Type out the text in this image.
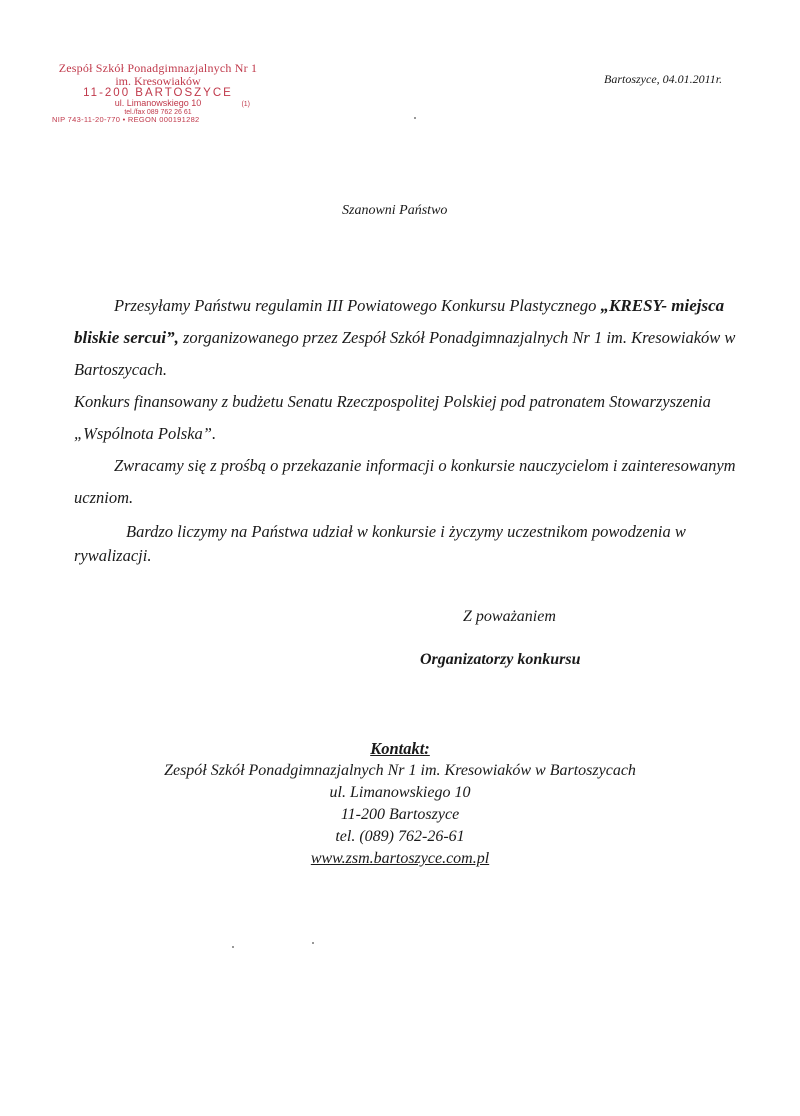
Zespół Szkół Ponadgimnazjalnych Nr 1
im. Kresowiaków
11-200 BARTOSZYCE
ul. Limanowskiego 10	(1)
tel./fax 089 762 26 61
NIP 743-11-20-770 • REGON 000191282
Bartoszyce, 04.01.2011r.
Szanowni Państwo

Przesyłamy Państwu regulamin III Powiatowego Konkursu Plastycznego „KRESY- miejsca bliskie sercui”, zorganizowanego przez Zespół Szkół Ponadgimnazjalnych Nr 1 im. Kresowiaków w Bartoszycach.

Konkurs finansowany z budżetu Senatu Rzeczpospolitej Polskiej pod patronatem Stowarzyszenia „Wspólnota Polska”.

Zwracamy się z prośbą o przekazanie informacji o konkursie nauczycielom i zainteresowanym uczniom.

Bardzo liczymy na Państwa udział w konkursie i życzymy uczestnikom powodzenia w rywalizacji.

Z poważaniem
Organizatorzy konkursu
Kontakt:
Zespół Szkół Ponadgimnazjalnych Nr 1 im. Kresowiaków w Bartoszycach
ul. Limanowskiego 10
11-200 Bartoszyce
tel. (089) 762-26-61
www.zsm.bartoszyce.com.pl
